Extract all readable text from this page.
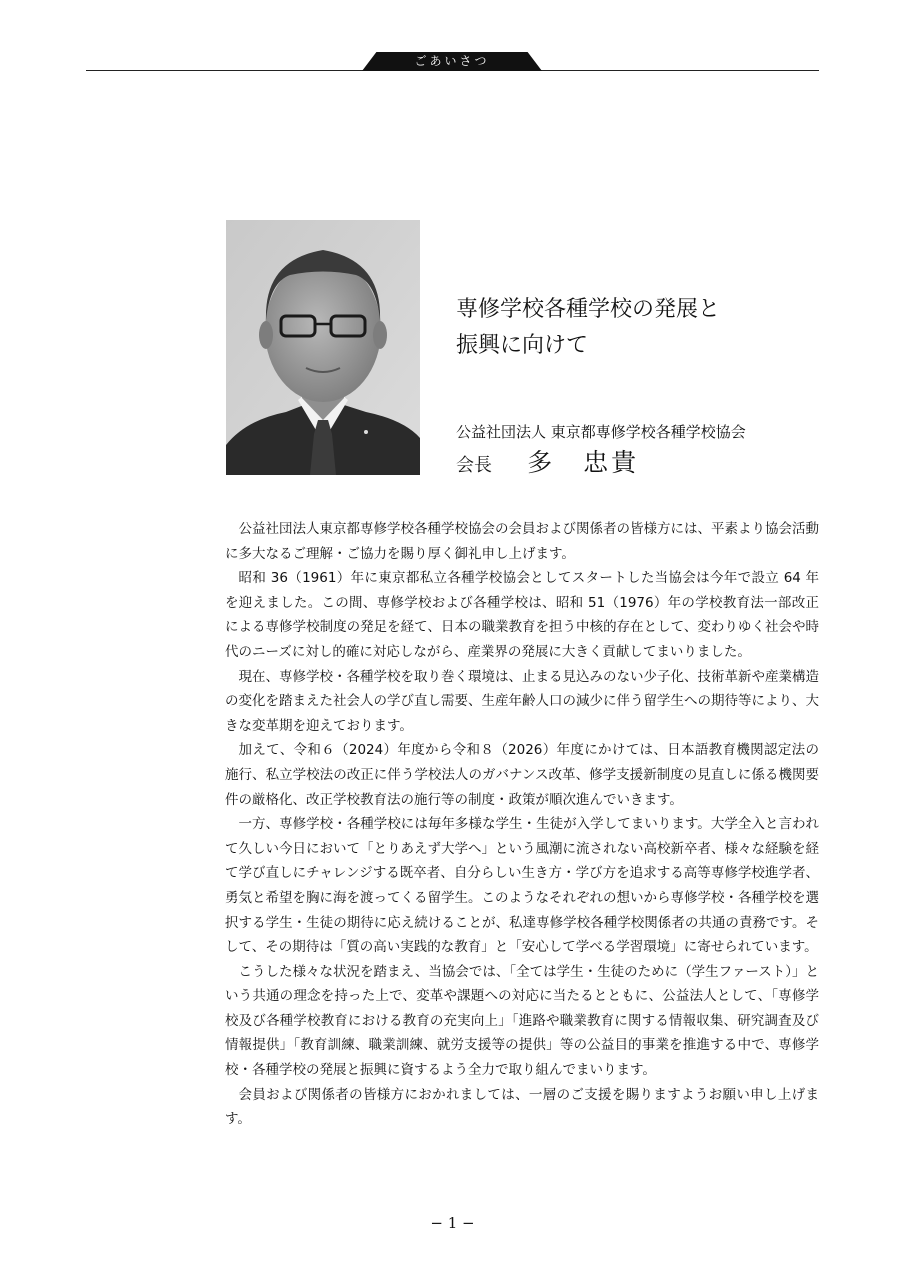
ごあいさつ
専修学校各種学校の発展と
振興に向けて
公益社団法人 東京都専修学校各種学校協会
会長 多　忠貴

公益社団法人東京都専修学校各種学校協会の会員および関係者の皆様方には、平素より協会活動に多大なるご理解・ご協力を賜り厚く御礼申し上げます。

昭和 36（1961）年に東京都私立各種学校協会としてスタートした当協会は今年で設立 64 年を迎えました。この間、専修学校および各種学校は、昭和 51（1976）年の学校教育法一部改正による専修学校制度の発足を経て、日本の職業教育を担う中核的存在として、変わりゆく社会や時代のニーズに対し的確に対応しながら、産業界の発展に大きく貢献してまいりました。

現在、専修学校・各種学校を取り巻く環境は、止まる見込みのない少子化、技術革新や産業構造の変化を踏まえた社会人の学び直し需要、生産年齢人口の減少に伴う留学生への期待等により、大きな変革期を迎えております。

加えて、令和６（2024）年度から令和８（2026）年度にかけては、日本語教育機関認定法の施行、私立学校法の改正に伴う学校法人のガバナンス改革、修学支援新制度の見直しに係る機関要件の厳格化、改正学校教育法の施行等の制度・政策が順次進んでいきます。

一方、専修学校・各種学校には毎年多様な学生・生徒が入学してまいります。大学全入と言われて久しい今日において「とりあえず大学へ」という風潮に流されない高校新卒者、様々な経験を経て学び直しにチャレンジする既卒者、自分らしい生き方・学び方を追求する高等専修学校進学者、勇気と希望を胸に海を渡ってくる留学生。このようなそれぞれの想いから専修学校・各種学校を選択する学生・生徒の期待に応え続けることが、私達専修学校各種学校関係者の共通の責務です。そして、その期待は「質の高い実践的な教育」と「安心して学べる学習環境」に寄せられています。

こうした様々な状況を踏まえ、当協会では、「全ては学生・生徒のために（学生ファースト）」という共通の理念を持った上で、変革や課題への対応に当たるとともに、公益法人として、「専修学校及び各種学校教育における教育の充実向上」「進路や職業教育に関する情報収集、研究調査及び情報提供」「教育訓練、職業訓練、就労支援等の提供」等の公益目的事業を推進する中で、専修学校・各種学校の発展と振興に資するよう全力で取り組んでまいります。

会員および関係者の皆様方におかれましては、一層のご支援を賜りますようお願い申し上げます。

− 1 −
